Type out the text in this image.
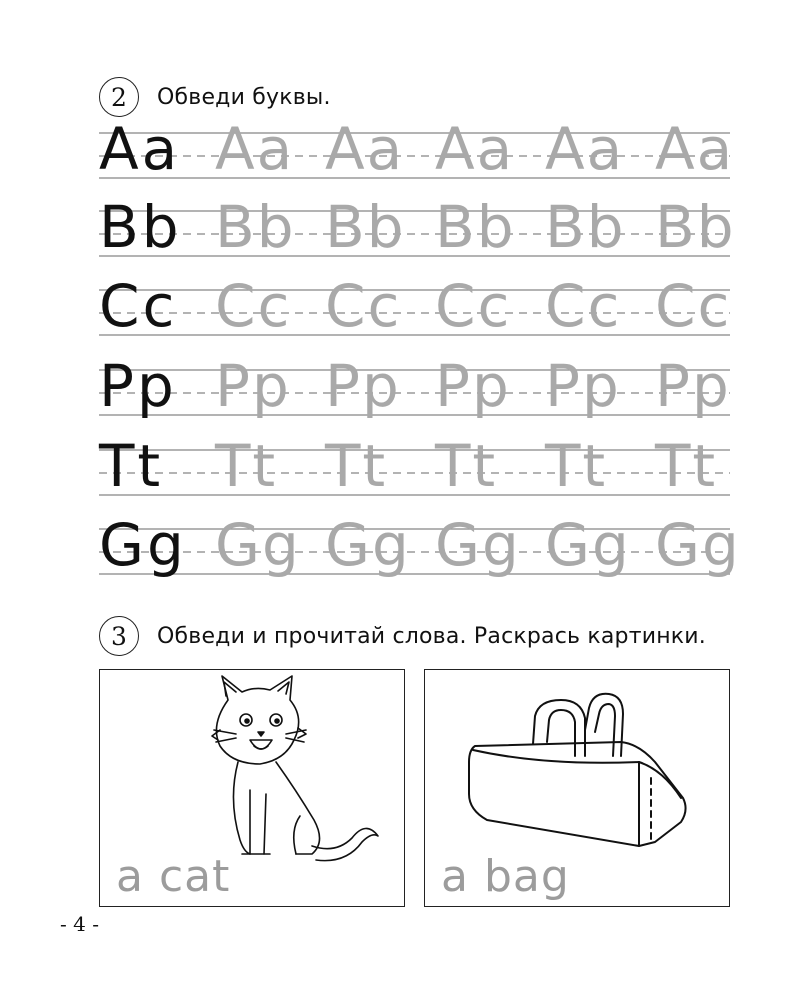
2	Обведи буквы.
Aa Aa Aa Aa Aa Aa
Bb Bb Bb Bb Bb Bb
Cc Cc Cc Cc Cc Cc
Pp Pp Pp Pp Pp Pp
Tt Tt Tt Tt Tt Tt
Gg Gg Gg Gg Gg Gg
3	Обведи и прочитай слова. Раскрась картинки.
a cat	a bag
- 4 -
